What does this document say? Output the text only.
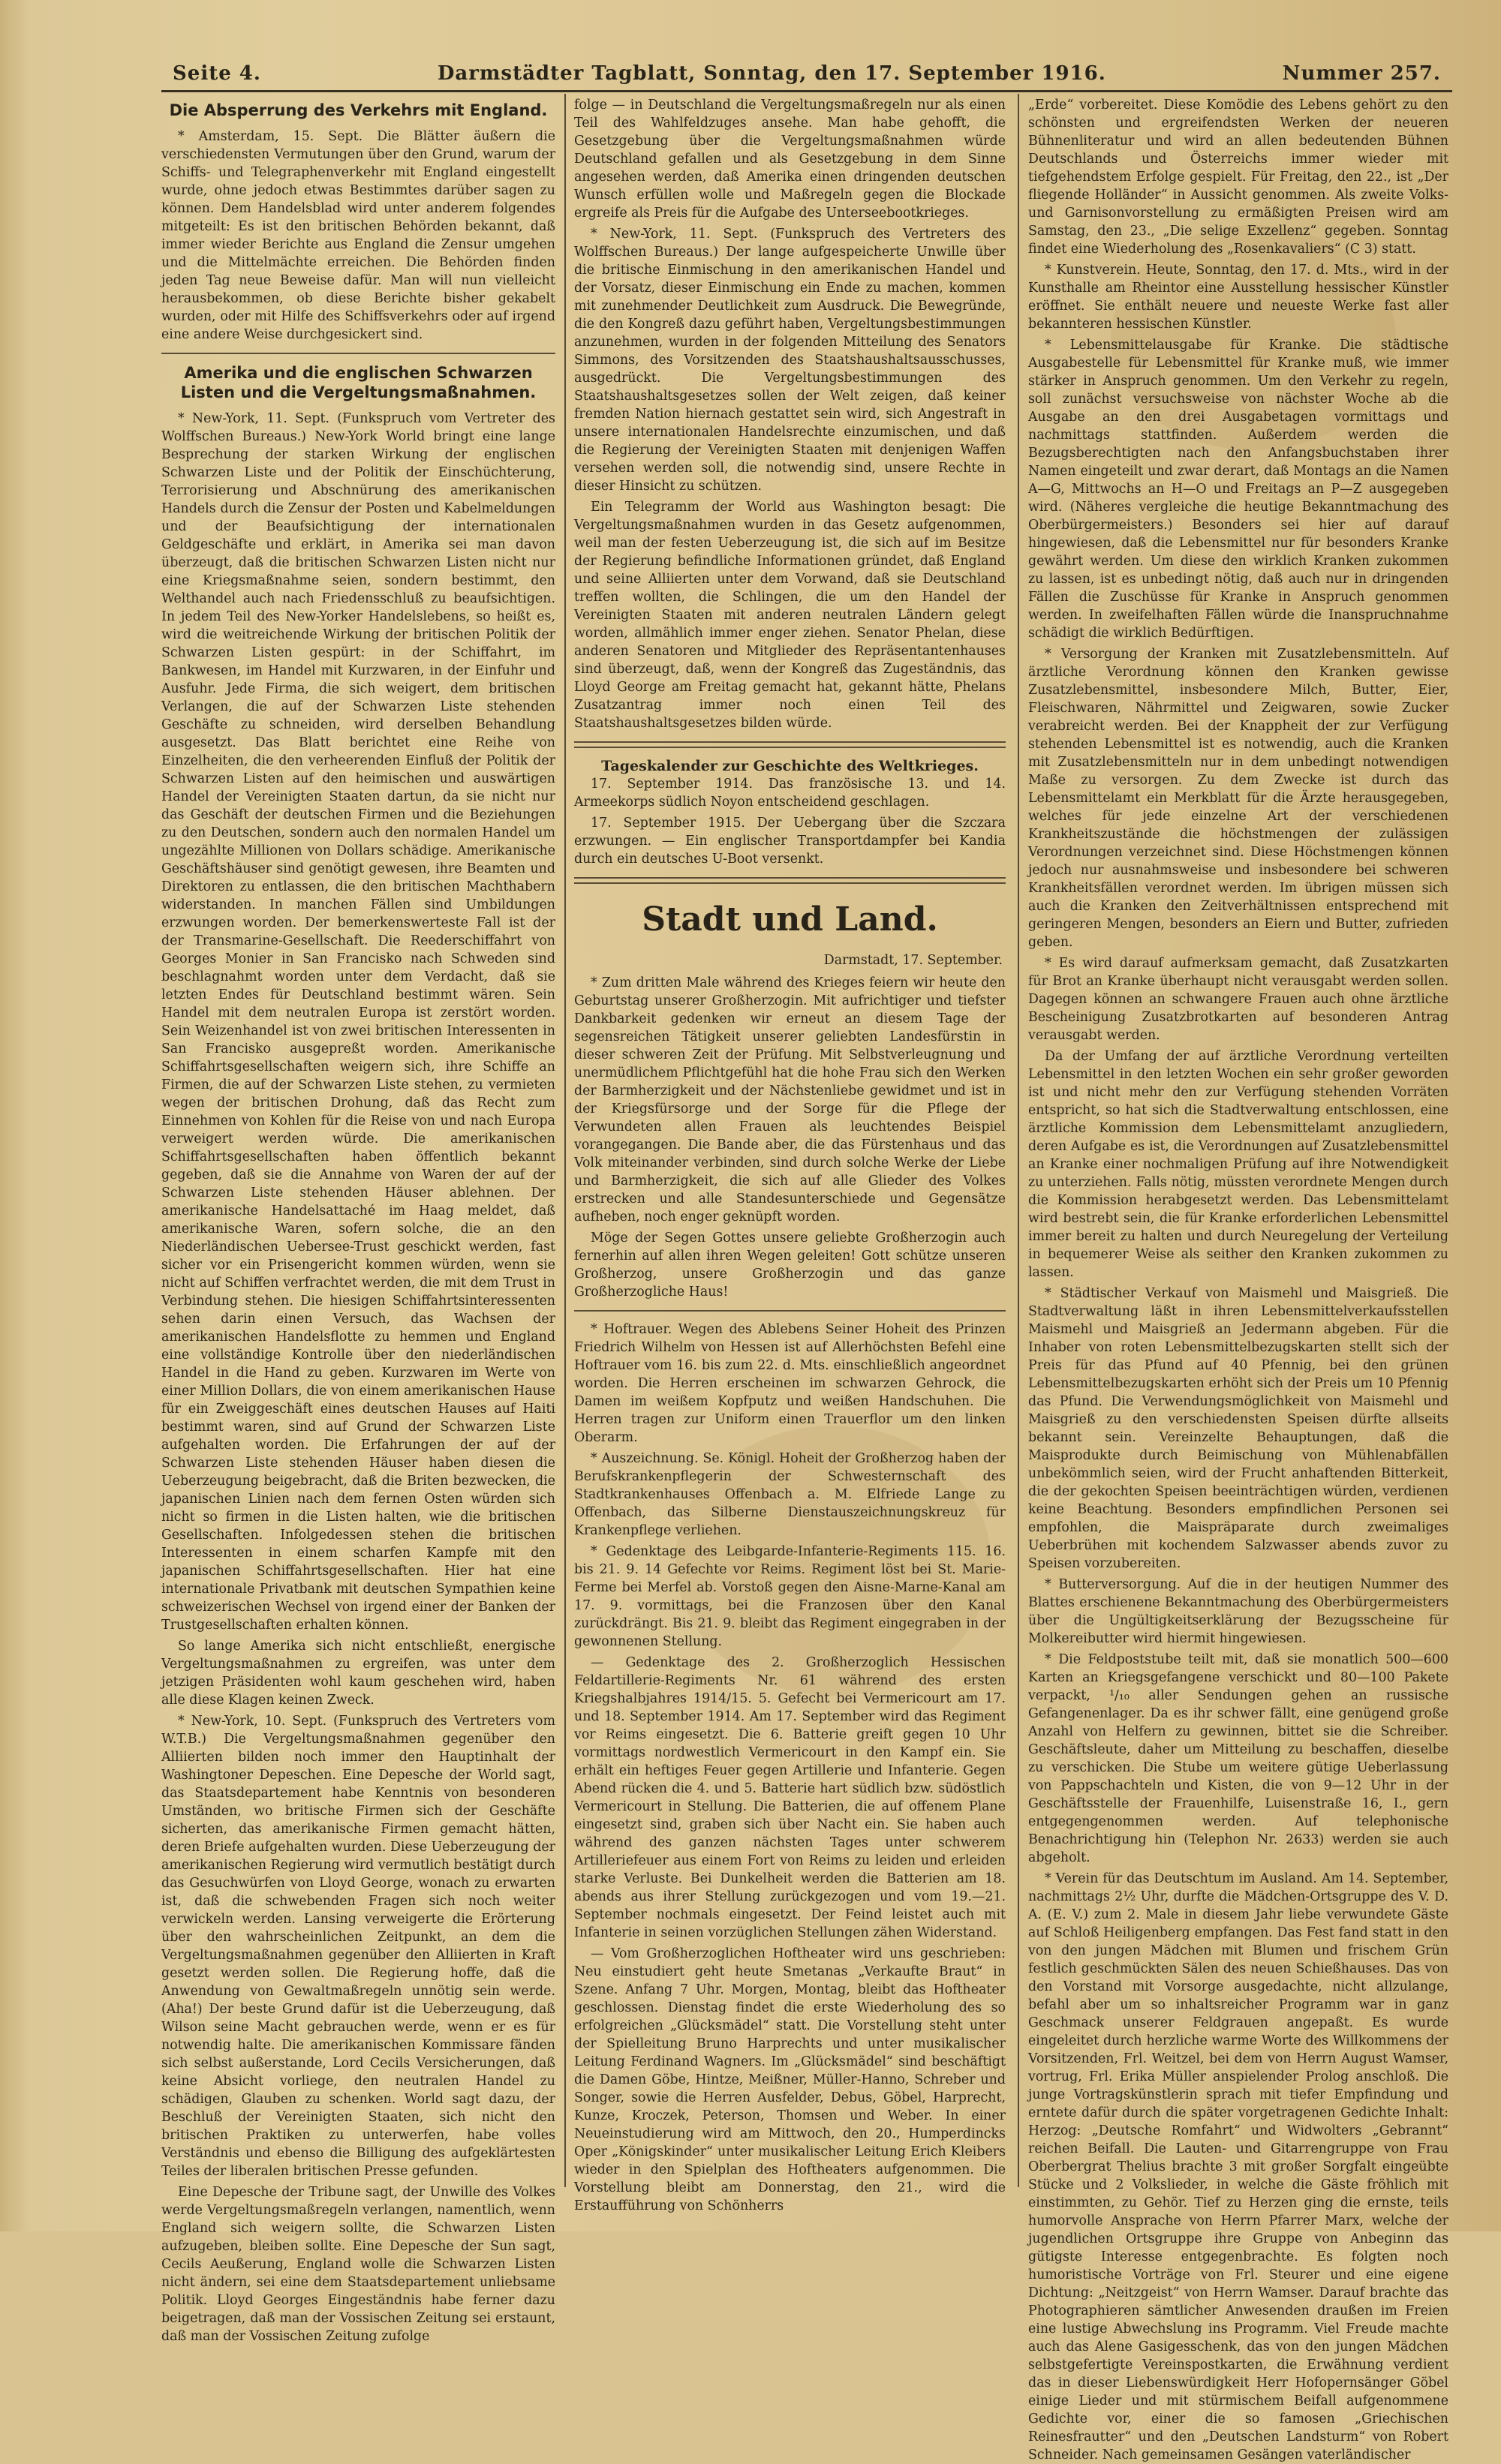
Seite 4.	Darmstädter Tagblatt, Sonntag, den 17. September 1916.	Nummer 257.
Die Absperrung des Verkehrs mit England.

* Amsterdam, 15. Sept. Die Blätter äußern die verschiedensten Vermutungen über den Grund, warum der Schiffs- und Telegraphenverkehr mit England eingestellt wurde, ohne jedoch etwas Bestimmtes darüber sagen zu können. Dem Handelsblad wird unter anderem folgendes mitgeteilt: Es ist den britischen Behörden bekannt, daß immer wieder Berichte aus England die Zensur umgehen und die Mittelmächte erreichen. Die Behörden finden jeden Tag neue Beweise dafür. Man will nun vielleicht herausbekommen, ob diese Berichte bisher gekabelt wurden, oder mit Hilfe des Schiffsverkehrs oder auf irgend eine andere Weise durchgesickert sind.

Amerika und die englischen Schwarzen Listen und die Vergeltungsmaßnahmen.

* New-York, 11. Sept. (Funkspruch vom Vertreter des Wolffschen Bureaus.) New-York World bringt eine lange Besprechung der starken Wirkung der englischen Schwarzen Liste und der Politik der Einschüchterung, Terrorisierung und Abschnürung des amerikanischen Handels durch die Zensur der Posten und Kabelmeldungen und der Beaufsichtigung der internationalen Geldgeschäfte und erklärt, in Amerika sei man davon überzeugt, daß die britischen Schwarzen Listen nicht nur eine Kriegsmaßnahme seien, sondern bestimmt, den Welthandel auch nach Friedensschluß zu beaufsichtigen. In jedem Teil des New-Yorker Handelslebens, so heißt es, wird die weitreichende Wirkung der britischen Politik der Schwarzen Listen gespürt: in der Schiffahrt, im Bankwesen, im Handel mit Kurzwaren, in der Einfuhr und Ausfuhr. Jede Firma, die sich weigert, dem britischen Verlangen, die auf der Schwarzen Liste stehenden Geschäfte zu schneiden, wird derselben Behandlung ausgesetzt. Das Blatt berichtet eine Reihe von Einzelheiten, die den verheerenden Einfluß der Politik der Schwarzen Listen auf den heimischen und auswärtigen Handel der Vereinigten Staaten dartun, da sie nicht nur das Geschäft der deutschen Firmen und die Beziehungen zu den Deutschen, sondern auch den normalen Handel um ungezählte Millionen von Dollars schädige. Amerikanische Geschäftshäuser sind genötigt gewesen, ihre Beamten und Direktoren zu entlassen, die den britischen Machthabern widerstanden. In manchen Fällen sind Umbildungen erzwungen worden. Der bemerkenswerteste Fall ist der der Transmarine-Gesellschaft. Die Reederschiffahrt von Georges Monier in San Francisko nach Schweden sind beschlagnahmt worden unter dem Verdacht, daß sie letzten Endes für Deutschland bestimmt wären. Sein Handel mit dem neutralen Europa ist zerstört worden. Sein Weizenhandel ist von zwei britischen Interessenten in San Francisko ausgepreßt worden. Amerikanische Schiffahrtsgesellschaften weigern sich, ihre Schiffe an Firmen, die auf der Schwarzen Liste stehen, zu vermieten wegen der britischen Drohung, daß das Recht zum Einnehmen von Kohlen für die Reise von und nach Europa verweigert werden würde. Die amerikanischen Schiffahrtsgesellschaften haben öffentlich bekannt gegeben, daß sie die Annahme von Waren der auf der Schwarzen Liste stehenden Häuser ablehnen. Der amerikanische Handelsattaché im Haag meldet, daß amerikanische Waren, sofern solche, die an den Niederländischen Uebersee-Trust geschickt werden, fast sicher vor ein Prisengericht kommen würden, wenn sie nicht auf Schiffen verfrachtet werden, die mit dem Trust in Verbindung stehen. Die hiesigen Schiffahrtsinteressenten sehen darin einen Versuch, das Wachsen der amerikanischen Handelsflotte zu hemmen und England eine vollständige Kontrolle über den niederländischen Handel in die Hand zu geben. Kurzwaren im Werte von einer Million Dollars, die von einem amerikanischen Hause für ein Zweiggeschäft eines deutschen Hauses auf Haiti bestimmt waren, sind auf Grund der Schwarzen Liste aufgehalten worden. Die Erfahrungen der auf der Schwarzen Liste stehenden Häuser haben diesen die Ueberzeugung beigebracht, daß die Briten bezwecken, die japanischen Linien nach dem fernen Osten würden sich nicht so firmen in die Listen halten, wie die britischen Gesellschaften. Infolgedessen stehen die britischen Interessenten in einem scharfen Kampfe mit den japanischen Schiffahrtsgesellschaften. Hier hat eine internationale Privatbank mit deutschen Sympathien keine schweizerischen Wechsel von irgend einer der Banken der Trustgesellschaften erhalten können.

So lange Amerika sich nicht entschließt, energische Vergeltungsmaßnahmen zu ergreifen, was unter dem jetzigen Präsidenten wohl kaum geschehen wird, haben alle diese Klagen keinen Zweck.

* New-York, 10. Sept. (Funkspruch des Vertreters vom W.T.B.) Die Vergeltungsmaßnahmen gegenüber den Alliierten bilden noch immer den Hauptinhalt der Washingtoner Depeschen. Eine Depesche der World sagt, das Staatsdepartement habe Kenntnis von besonderen Umständen, wo britische Firmen sich der Geschäfte sicherten, das amerikanische Firmen gemacht hätten, deren Briefe aufgehalten wurden. Diese Ueberzeugung der amerikanischen Regierung wird vermutlich bestätigt durch das Gesuchwürfen von Lloyd George, wonach zu erwarten ist, daß die schwebenden Fragen sich noch weiter verwickeln werden. Lansing verweigerte die Erörterung über den wahrscheinlichen Zeitpunkt, an dem die Vergeltungsmaßnahmen gegenüber den Alliierten in Kraft gesetzt werden sollen. Die Regierung hoffe, daß die Anwendung von Gewaltmaßregeln unnötig sein werde. (Aha!) Der beste Grund dafür ist die Ueberzeugung, daß Wilson seine Macht gebrauchen werde, wenn er es für notwendig halte. Die amerikanischen Kommissare fänden sich selbst außerstande, Lord Cecils Versicherungen, daß keine Absicht vorliege, den neutralen Handel zu schädigen, Glauben zu schenken. World sagt dazu, der Beschluß der Vereinigten Staaten, sich nicht den britischen Praktiken zu unterwerfen, habe volles Verständnis und ebenso die Billigung des aufgeklärtesten Teiles der liberalen britischen Presse gefunden.

Eine Depesche der Tribune sagt, der Unwille des Volkes werde Vergeltungsmaßregeln verlangen, namentlich, wenn England sich weigern sollte, die Schwarzen Listen aufzugeben, bleiben sollte. Eine Depesche der Sun sagt, Cecils Aeußerung, England wolle die Schwarzen Listen nicht ändern, sei eine dem Staatsdepartement unliebsame Politik. Lloyd Georges Eingeständnis habe ferner dazu beigetragen, daß man der Vossischen Zeitung sei erstaunt, daß man der Vossischen Zeitung zufolge

folge — in Deutschland die Vergeltungsmaßregeln nur als einen Teil des Wahlfeldzuges ansehe. Man habe gehofft, die Gesetzgebung über die Vergeltungsmaßnahmen würde Deutschland gefallen und als Gesetzgebung in dem Sinne angesehen werden, daß Amerika einen dringenden deutschen Wunsch erfüllen wolle und Maßregeln gegen die Blockade ergreife als Preis für die Aufgabe des Unterseebootkrieges.

* New-York, 11. Sept. (Funkspruch des Vertreters des Wolffschen Bureaus.) Der lange aufgespeicherte Unwille über die britische Einmischung in den amerikanischen Handel und der Vorsatz, dieser Einmischung ein Ende zu machen, kommen mit zunehmender Deutlichkeit zum Ausdruck. Die Bewegründe, die den Kongreß dazu geführt haben, Vergeltungsbestimmungen anzunehmen, wurden in der folgenden Mitteilung des Senators Simmons, des Vorsitzenden des Staatshaushaltsausschusses, ausgedrückt. Die Vergeltungsbestimmungen des Staatshaushaltsgesetzes sollen der Welt zeigen, daß keiner fremden Nation hiernach gestattet sein wird, sich Angestraft in unsere internationalen Handelsrechte einzumischen, und daß die Regierung der Vereinigten Staaten mit denjenigen Waffen versehen werden soll, die notwendig sind, unsere Rechte in dieser Hinsicht zu schützen.

Ein Telegramm der World aus Washington besagt: Die Vergeltungsmaßnahmen wurden in das Gesetz aufgenommen, weil man der festen Ueberzeugung ist, die sich auf im Besitze der Regierung befindliche Informationen gründet, daß England und seine Alliierten unter dem Vorwand, daß sie Deutschland treffen wollten, die Schlingen, die um den Handel der Vereinigten Staaten mit anderen neutralen Ländern gelegt worden, allmählich immer enger ziehen. Senator Phelan, diese anderen Senatoren und Mitglieder des Repräsentantenhauses sind überzeugt, daß, wenn der Kongreß das Zugeständnis, das Lloyd George am Freitag gemacht hat, gekannt hätte, Phelans Zusatzantrag immer noch einen Teil des Staatshaushaltsgesetzes bilden würde.

Tageskalender zur Geschichte des Weltkrieges.

17. September 1914. Das französische 13. und 14. Armeekorps südlich Noyon entscheidend geschlagen.

17. September 1915. Der Uebergang über die Szczara erzwungen. — Ein englischer Transportdampfer bei Kandia durch ein deutsches U-Boot versenkt.

Stadt und Land.
Darmstadt, 17. September.

* Zum dritten Male während des Krieges feiern wir heute den Geburtstag unserer Großherzogin. Mit aufrichtiger und tiefster Dankbarkeit gedenken wir erneut an diesem Tage der segensreichen Tätigkeit unserer geliebten Landesfürstin in dieser schweren Zeit der Prüfung. Mit Selbstverleugnung und unermüdlichem Pflichtgefühl hat die hohe Frau sich den Werken der Barmherzigkeit und der Nächstenliebe gewidmet und ist in der Kriegsfürsorge und der Sorge für die Pflege der Verwundeten allen Frauen als leuchtendes Beispiel vorangegangen. Die Bande aber, die das Fürstenhaus und das Volk miteinander verbinden, sind durch solche Werke der Liebe und Barmherzigkeit, die sich auf alle Glieder des Volkes erstrecken und alle Standesunterschiede und Gegensätze aufheben, noch enger geknüpft worden.

Möge der Segen Gottes unsere geliebte Großherzogin auch fernerhin auf allen ihren Wegen geleiten! Gott schütze unseren Großherzog, unsere Großherzogin und das ganze Großherzogliche Haus!

* Hoftrauer. Wegen des Ablebens Seiner Hoheit des Prinzen Friedrich Wilhelm von Hessen ist auf Allerhöchsten Befehl eine Hoftrauer vom 16. bis zum 22. d. Mts. einschließlich angeordnet worden. Die Herren erscheinen im schwarzen Gehrock, die Damen im weißem Kopfputz und weißen Handschuhen. Die Herren tragen zur Uniform einen Trauerflor um den linken Oberarm.

* Auszeichnung. Se. Königl. Hoheit der Großherzog haben der Berufskrankenpflegerin der Schwesternschaft des Stadtkrankenhauses Offenbach a. M. Elfriede Lange zu Offenbach, das Silberne Dienstauszeichnungskreuz für Krankenpflege verliehen.

* Gedenktage des Leibgarde-Infanterie-Regiments 115. 16. bis 21. 9. 14 Gefechte vor Reims. Regiment löst bei St. Marie-Ferme bei Merfel ab. Vorstoß gegen den Aisne-Marne-Kanal am 17. 9. vormittags, bei die Franzosen über den Kanal zurückdrängt. Bis 21. 9. bleibt das Regiment eingegraben in der gewonnenen Stellung.

— Gedenktage des 2. Großherzoglich Hessischen Feldartillerie-Regiments Nr. 61 während des ersten Kriegshalbjahres 1914/15. 5. Gefecht bei Vermericourt am 17. und 18. September 1914. Am 17. September wird das Regiment vor Reims eingesetzt. Die 6. Batterie greift gegen 10 Uhr vormittags nordwestlich Vermericourt in den Kampf ein. Sie erhält ein heftiges Feuer gegen Artillerie und Infanterie. Gegen Abend rücken die 4. und 5. Batterie hart südlich bzw. südöstlich Vermericourt in Stellung. Die Batterien, die auf offenem Plane eingesetzt sind, graben sich über Nacht ein. Sie haben auch während des ganzen nächsten Tages unter schwerem Artilleriefeuer aus einem Fort von Reims zu leiden und erleiden starke Verluste. Bei Dunkelheit werden die Batterien am 18. abends aus ihrer Stellung zurückgezogen und vom 19.—21. September nochmals eingesetzt. Der Feind leistet auch mit Infanterie in seinen vorzüglichen Stellungen zähen Widerstand.

— Vom Großherzoglichen Hoftheater wird uns geschrieben: Neu einstudiert geht heute Smetanas „Verkaufte Braut“ in Szene. Anfang 7 Uhr. Morgen, Montag, bleibt das Hoftheater geschlossen. Dienstag findet die erste Wiederholung des so erfolgreichen „Glücksmädel“ statt. Die Vorstellung steht unter der Spielleitung Bruno Harprechts und unter musikalischer Leitung Ferdinand Wagners. Im „Glücksmädel“ sind beschäftigt die Damen Göbe, Hintze, Meißner, Müller-Hanno, Schreber und Songer, sowie die Herren Ausfelder, Debus, Göbel, Harprecht, Kunze, Kroczek, Peterson, Thomsen und Weber. In einer Neueinstudierung wird am Mittwoch, den 20., Humperdincks Oper „Königskinder“ unter musikalischer Leitung Erich Kleibers wieder in den Spielplan des Hoftheaters aufgenommen. Die Vorstellung bleibt am Donnerstag, den 21., wird die Erstaufführung von Schönherrs

„Erde“ vorbereitet. Diese Komödie des Lebens gehört zu den schönsten und ergreifendsten Werken der neueren Bühnenliteratur und wird an allen bedeutenden Bühnen Deutschlands und Österreichs immer wieder mit tiefgehendstem Erfolge gespielt. Für Freitag, den 22., ist „Der fliegende Holländer“ in Aussicht genommen. Als zweite Volks- und Garnisonvorstellung zu ermäßigten Preisen wird am Samstag, den 23., „Die selige Exzellenz“ gegeben. Sonntag findet eine Wiederholung des „Rosenkavaliers“ (C 3) statt.

* Kunstverein. Heute, Sonntag, den 17. d. Mts., wird in der Kunsthalle am Rheintor eine Ausstellung hessischer Künstler eröffnet. Sie enthält neuere und neueste Werke fast aller bekannteren hessischen Künstler.

* Lebensmittelausgabe für Kranke. Die städtische Ausgabestelle für Lebensmittel für Kranke muß, wie immer stärker in Anspruch genommen. Um den Verkehr zu regeln, soll zunächst versuchsweise von nächster Woche ab die Ausgabe an den drei Ausgabetagen vormittags und nachmittags stattfinden. Außerdem werden die Bezugsberechtigten nach den Anfangsbuchstaben ihrer Namen eingeteilt und zwar derart, daß Montags an die Namen A—G, Mittwochs an H—O und Freitags an P—Z ausgegeben wird. (Näheres vergleiche die heutige Bekanntmachung des Oberbürgermeisters.) Besonders sei hier auf darauf hingewiesen, daß die Lebensmittel nur für besonders Kranke gewährt werden. Um diese den wirklich Kranken zukommen zu lassen, ist es unbedingt nötig, daß auch nur in dringenden Fällen die Zuschüsse für Kranke in Anspruch genommen werden. In zweifelhaften Fällen würde die Inanspruchnahme schädigt die wirklich Bedürftigen.

* Versorgung der Kranken mit Zusatzlebensmitteln. Auf ärztliche Verordnung können den Kranken gewisse Zusatzlebensmittel, insbesondere Milch, Butter, Eier, Fleischwaren, Nährmittel und Zeigwaren, sowie Zucker verabreicht werden. Bei der Knappheit der zur Verfügung stehenden Lebensmittel ist es notwendig, auch die Kranken mit Zusatzlebensmitteln nur in dem unbedingt notwendigen Maße zu versorgen. Zu dem Zwecke ist durch das Lebensmittelamt ein Merkblatt für die Ärzte herausgegeben, welches für jede einzelne Art der verschiedenen Krankheitszustände die höchstmengen der zulässigen Verordnungen verzeichnet sind. Diese Höchstmengen können jedoch nur ausnahmsweise und insbesondere bei schweren Krankheitsfällen verordnet werden. Im übrigen müssen sich auch die Kranken den Zeitverhältnissen entsprechend mit geringeren Mengen, besonders an Eiern und Butter, zufrieden geben.

* Es wird darauf aufmerksam gemacht, daß Zusatzkarten für Brot an Kranke überhaupt nicht verausgabt werden sollen. Dagegen können an schwangere Frauen auch ohne ärztliche Bescheinigung Zusatzbrotkarten auf besonderen Antrag verausgabt werden.

Da der Umfang der auf ärztliche Verordnung verteilten Lebensmittel in den letzten Wochen ein sehr großer geworden ist und nicht mehr den zur Verfügung stehenden Vorräten entspricht, so hat sich die Stadtverwaltung entschlossen, eine ärztliche Kommission dem Lebensmittelamt anzugliedern, deren Aufgabe es ist, die Verordnungen auf Zusatzlebensmittel an Kranke einer nochmaligen Prüfung auf ihre Notwendigkeit zu unterziehen. Falls nötig, müssten verordnete Mengen durch die Kommission herabgesetzt werden. Das Lebensmittelamt wird bestrebt sein, die für Kranke erforderlichen Lebensmittel immer bereit zu halten und durch Neuregelung der Verteilung in bequemerer Weise als seither den Kranken zukommen zu lassen.

* Städtischer Verkauf von Maismehl und Maisgrieß. Die Stadtverwaltung läßt in ihren Lebensmittelverkaufsstellen Maismehl und Maisgrieß an Jedermann abgeben. Für die Inhaber von roten Lebensmittelbezugskarten stellt sich der Preis für das Pfund auf 40 Pfennig, bei den grünen Lebensmittelbezugskarten erhöht sich der Preis um 10 Pfennig das Pfund. Die Verwendungsmöglichkeit von Maismehl und Maisgrieß zu den verschiedensten Speisen dürfte allseits bekannt sein. Vereinzelte Behauptungen, daß die Maisprodukte durch Beimischung von Mühlenabfällen unbekömmlich seien, wird der Frucht anhaftenden Bitterkeit, die der gekochten Speisen beeinträchtigen würden, verdienen keine Beachtung. Besonders empfindlichen Personen sei empfohlen, die Maispräparate durch zweimaliges Ueberbrühen mit kochendem Salzwasser abends zuvor zu Speisen vorzubereiten.

* Butterversorgung. Auf die in der heutigen Nummer des Blattes erschienene Bekanntmachung des Oberbürgermeisters über die Ungültigkeitserklärung der Bezugsscheine für Molkereibutter wird hiermit hingewiesen.

* Die Feldpoststube teilt mit, daß sie monatlich 500—600 Karten an Kriegsgefangene verschickt und 80—100 Pakete verpackt, ¹/₁₀ aller Sendungen gehen an russische Gefangenenlager. Da es ihr schwer fällt, eine genügend große Anzahl von Helfern zu gewinnen, bittet sie die Schreiber. Geschäftsleute, daher um Mitteilung zu beschaffen, dieselbe zu verschicken. Die Stube um weitere gütige Ueberlassung von Pappschachteln und Kisten, die von 9—12 Uhr in der Geschäftsstelle der Frauenhilfe, Luisenstraße 16, I., gern entgegengenommen werden. Auf telephonische Benachrichtigung hin (Telephon Nr. 2633) werden sie auch abgeholt.

* Verein für das Deutschtum im Ausland. Am 14. September, nachmittags 2½ Uhr, durfte die Mädchen-Ortsgruppe des V. D. A. (E. V.) zum 2. Male in diesem Jahr liebe verwundete Gäste auf Schloß Heiligenberg empfangen. Das Fest fand statt in den von den jungen Mädchen mit Blumen und frischem Grün festlich geschmückten Sälen des neuen Schießhauses. Das von den Vorstand mit Vorsorge ausgedachte, nicht allzulange, befahl aber um so inhaltsreicher Programm war in ganz Geschmack unserer Feldgrauen angepaßt. Es wurde eingeleitet durch herzliche warme Worte des Willkommens der Vorsitzenden, Frl. Weitzel, bei dem von Herrn August Wamser, vortrug, Frl. Erika Müller anspielender Prolog anschloß. Die junge Vortragskünstlerin sprach mit tiefer Empfindung und erntete dafür durch die später vorgetragenen Gedichte Inhalt: Herzog: „Deutsche Romfahrt“ und Widwolters „Gebrannt“ reichen Beifall. Die Lauten- und Gitarrengruppe von Frau Oberbergrat Thelius brachte 3 mit großer Sorgfalt eingeübte Stücke und 2 Volkslieder, in welche die Gäste fröhlich mit einstimmten, zu Gehör. Tief zu Herzen ging die ernste, teils humorvolle Ansprache von Herrn Pfarrer Marx, welche der jugendlichen Ortsgruppe ihre Gruppe von Anbeginn das gütigste Interesse entgegenbrachte. Es folgten noch humoristische Vorträge von Frl. Steurer und eine eigene Dichtung: „Neitzgeist“ von Herrn Wamser. Darauf brachte das Photographieren sämtlicher Anwesenden draußen im Freien eine lustige Abwechslung ins Programm. Viel Freude machte auch das Alene Gasigesschenk, das von den jungen Mädchen selbstgefertigte Vereinspostkarten, die Erwähnung verdient das in dieser Liebenswürdigkeit Herr Hofopernsänger Göbel einige Lieder und mit stürmischem Beifall aufgenommene Gedichte vor, einer die so famosen „Griechischen Reinesfrautter“ und den „Deutschen Landsturm“ von Robert Schneider. Nach gemeinsamen Gesängen vaterländischer
